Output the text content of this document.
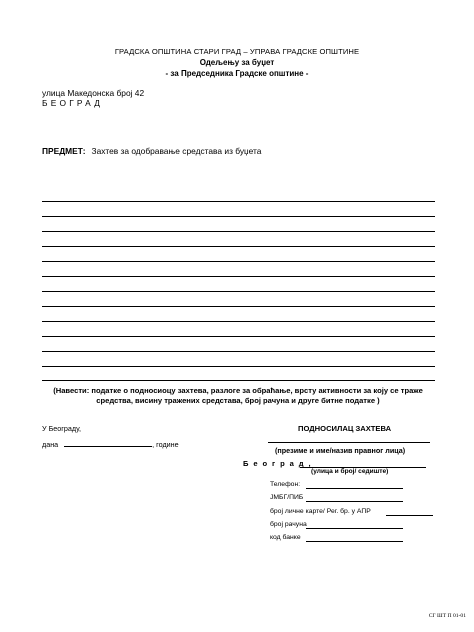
ГРАДСКА ОПШТИНА СТАРИ ГРАД – УПРАВА ГРАДСКЕ ОПШТИНЕ
Одељењу за буџет
- за Председника Градске општине -
улица Македонска број 42
БЕОГРАД
ПРЕДМЕТ: Захтев за одобравање средстава из буџета
(Навести: податке о подносиоцу захтева, разлоге за обраћање, врсту активности за коју се траже
средства, висину тражених средстава, број рачуна и друге битне податке )
У Београду,
дана	, године
ПОДНОСИЛАЦ ЗАХТЕВА
(презиме и име/назив правног лица)
Б е о г р а д ,
(улица и број/ седиште)
Телефон:
ЈМБГ/ПИБ
број личне карте/ Рег. бр. у АПР
број рачуна
код банке
СГ ШТ П 01-01
